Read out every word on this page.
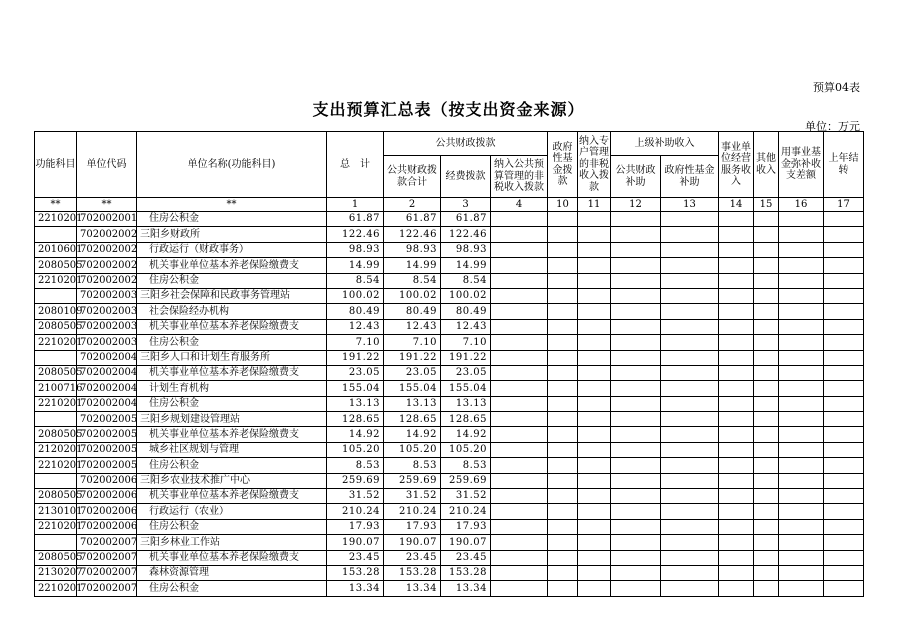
预算04表
支出预算汇总表（按支出资金来源）
单位：万元
功能科目	单位代码	单位名称(功能科目)	总　计	公共财政拨款			政府性基金拨款	纳入专户管理的非税收入拨款	上级补助收入		事业单位经营服务收入	其他收入	用事业基金弥补收支差额	上年结转
				公共财政拨款合计	经费拨款	纳入公共预算管理的非税收入拨款			公共财政补助	政府性基金补助				
**	**	**	1	2	3	4	10	11	12	13	14	15	16	17
2210201	702002001	住房公积金	61.87	61.87	61.87									
	702002002	三阳乡财政所	122.46	122.46	122.46									
2010601	702002002	行政运行（财政事务）	98.93	98.93	98.93									
2080505	702002002	机关事业单位基本养老保险缴费支	14.99	14.99	14.99									
2210201	702002002	住房公积金	8.54	8.54	8.54									
	702002003	三阳乡社会保障和民政事务管理站	100.02	100.02	100.02									
2080109	702002003	社会保险经办机构	80.49	80.49	80.49									
2080505	702002003	机关事业单位基本养老保险缴费支	12.43	12.43	12.43									
2210201	702002003	住房公积金	7.10	7.10	7.10									
	702002004	三阳乡人口和计划生育服务所	191.22	191.22	191.22									
2080505	702002004	机关事业单位基本养老保险缴费支	23.05	23.05	23.05									
2100716	702002004	计划生育机构	155.04	155.04	155.04									
2210201	702002004	住房公积金	13.13	13.13	13.13									
	702002005	三阳乡规划建设管理站	128.65	128.65	128.65									
2080505	702002005	机关事业单位基本养老保险缴费支	14.92	14.92	14.92									
2120201	702002005	城乡社区规划与管理	105.20	105.20	105.20									
2210201	702002005	住房公积金	8.53	8.53	8.53									
	702002006	三阳乡农业技术推广中心	259.69	259.69	259.69									
2080505	702002006	机关事业单位基本养老保险缴费支	31.52	31.52	31.52									
2130101	702002006	行政运行（农业）	210.24	210.24	210.24									
2210201	702002006	住房公积金	17.93	17.93	17.93									
	702002007	三阳乡林业工作站	190.07	190.07	190.07									
2080505	702002007	机关事业单位基本养老保险缴费支	23.45	23.45	23.45									
2130207	702002007	森林资源管理	153.28	153.28	153.28									
2210201	702002007	住房公积金	13.34	13.34	13.34									
